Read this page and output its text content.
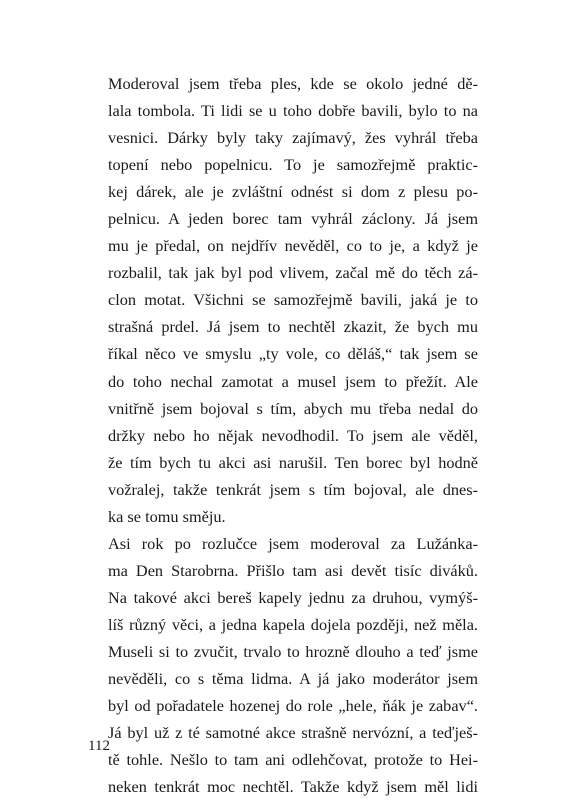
Moderoval jsem třeba ples, kde se okolo jedné dě-
lala tombola. Ti lidi se u toho dobře bavili, bylo to na
vesnici. Dárky byly taky zajímavý, žes vyhrál třeba
topení nebo popelnicu. To je samozřejmě praktic-
kej dárek, ale je zvláštní odnést si dom z plesu po-
pelnicu. A jeden borec tam vyhrál záclony. Já jsem
mu je předal, on nejdřív nevěděl, co to je, a když je
rozbalil, tak jak byl pod vlivem, začal mě do těch zá-
clon motat. Všichni se samozřejmě bavili, jaká je to
strašná prdel. Já jsem to nechtěl zkazit, že bych mu
říkal něco ve smyslu „ty vole, co děláš,“ tak jsem se
do toho nechal zamotat a musel jsem to přežít. Ale
vnitřně jsem bojoval s tím, abych mu třeba nedal do
držky nebo ho nějak nevodhodil. To jsem ale věděl,
že tím bych tu akci asi narušil. Ten borec byl hodně
vožralej, takže tenkrát jsem s tím bojoval, ale dnes-
ka se tomu směju.

Asi rok po rozlučce jsem moderoval za Lužánka-
ma Den Starobrna. Přišlo tam asi devět tisíc diváků.
Na takové akci bereš kapely jednu za druhou, vymýš-
líš různý věci, a jedna kapela dojela později, než měla.
Museli si to zvučit, trvalo to hrozně dlouho a teď jsme
nevěděli, co s těma lidma. A já jako moderátor jsem
byl od pořadatele hozenej do role „hele, ňák je zabav“.
Já byl už z té samotné akce strašně nervózní, a teďješ-
tě tohle. Nešlo to tam ani odlehčovat, protože to Hei-
neken tenkrát moc nechtěl. Takže když jsem měl lidi

112
